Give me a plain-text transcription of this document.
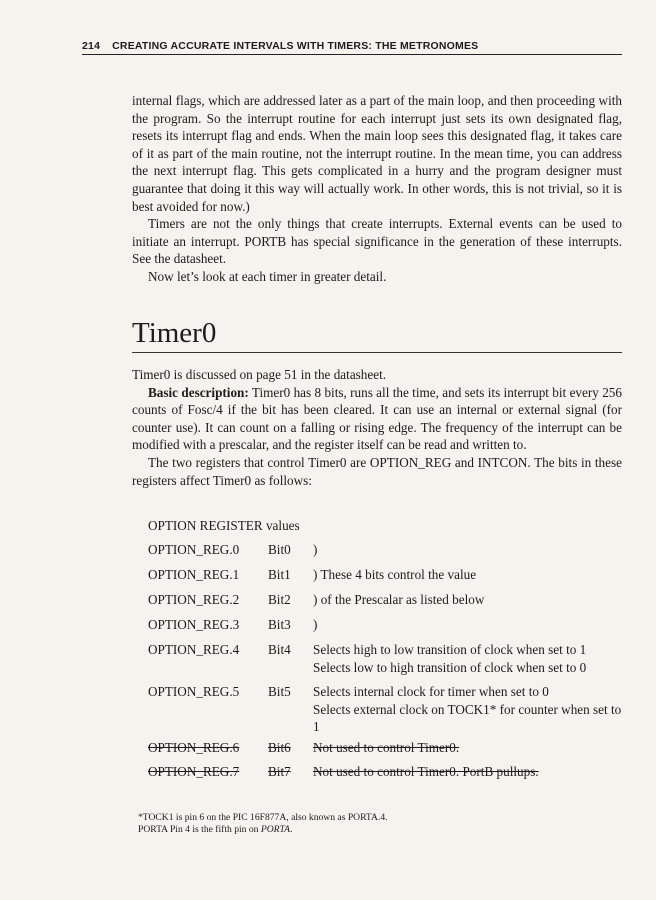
214 CREATING ACCURATE INTERVALS WITH TIMERS: THE METRONOMES

internal flags, which are addressed later as a part of the main loop, and then proceeding with the program. So the interrupt routine for each interrupt just sets its own designated flag, resets its interrupt flag and ends. When the main loop sees this designated flag, it takes care of it as part of the main routine, not the interrupt routine. In the mean time, you can address the next interrupt flag. This gets complicated in a hurry and the program designer must guarantee that doing it this way will actually work. In other words, this is not trivial, so it is best avoided for now.)

Timers are not the only things that create interrupts. External events can be used to initiate an interrupt. PORTB has special significance in the generation of these interrupts. See the datasheet.

Now let’s look at each timer in greater detail.

Timer0

Timer0 is discussed on page 51 in the datasheet.

Basic description: Timer0 has 8 bits, runs all the time, and sets its interrupt bit every 256 counts of Fosc/4 if the bit has been cleared. It can use an internal or external signal (for counter use). It can count on a falling or rising edge. The frequency of the interrupt can be modified with a prescalar, and the register itself can be read and written to.

The two registers that control Timer0 are OPTION_REG and INTCON. The bits in these registers affect Timer0 as follows:

OPTION REGISTER values
OPTION_REG.0	Bit0	)
OPTION_REG.1	Bit1	) These 4 bits control the value
OPTION_REG.2	Bit2	) of the Prescalar as listed below
OPTION_REG.3	Bit3	)
OPTION_REG.4	Bit4	Selects high to low transition of clock when set to 1
Selects low to high transition of clock when set to 0
OPTION_REG.5	Bit5	Selects internal clock for timer when set to 0
Selects external clock on TOCK1* for counter when set to 1
OPTION_REG.6	Bit6	Not used to control Timer0.
OPTION_REG.7	Bit7	Not used to control Timer0. PortB pullups.

*TOCK1 is pin 6 on the PIC 16F877A, also known as PORTA.4.

PORTA Pin 4 is the fifth pin on PORTA.
